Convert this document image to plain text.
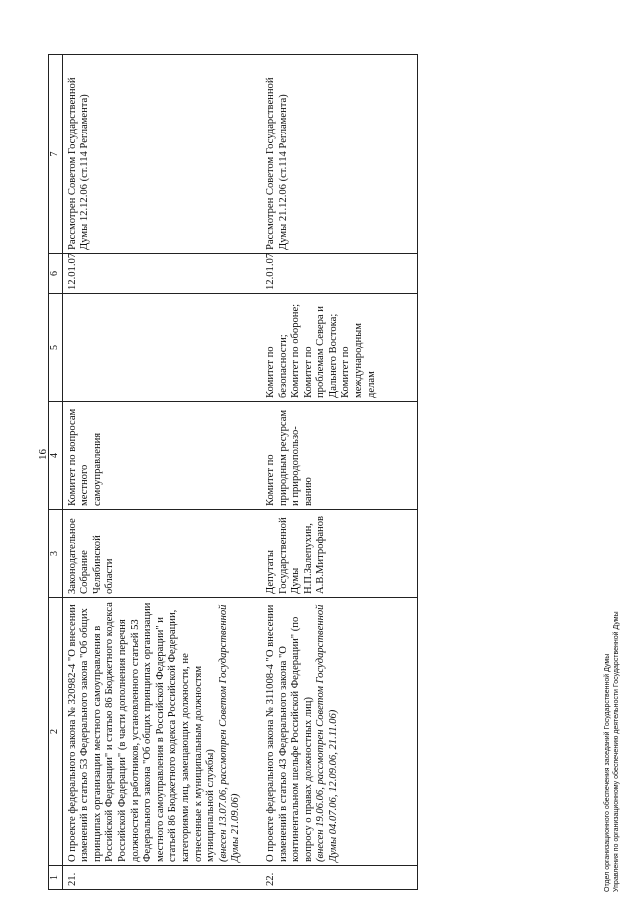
16
1	2	3	4	5	6	7
21.	О проекте федерального закона № 320982-4 "О внесении изменений в статью 53 Федерального закона "Об общих принципах организации местного самоуправления в Российской Федерации" и статью 86 Бюджетного кодекса Российской Федерации" (в части дополнения перечня должностей и работников, установленного статьей 53 Федерального закона "Об общих принципах организации местного самоуправления в Российской Федерации" и статьей 86 Бюджетного кодекса Российской Федерации, категориями лиц, замещающих должности, не отнесенные к муниципальным должностям муниципальной службы) (внесен 13.07.06, рассмотрен Советом Государственной Думы 21.09.06)	Законодательное Собрание Челябинской области	Комитет по вопросам местного самоуправления		12.01.07	Рассмотрен Советом Государственной Думы 12.12.06 (ст.114 Регламента)
22.	О проекте федерального закона № 311008-4 "О внесении изменений в статью 43 Федерального закона "О континентальном шельфе Российской Федерации" (по вопросу о правах должностных лиц) (внесен 19.06.06, рассмотрен Советом Государственной Думы 04.07.06, 12.09.06, 21.11.06)	Депутаты Государственной Думы Н.П.Залепухин, А.В.Митрофанов	Комитет по природным ресурсам и природопользо-ванию	Комитет по безопасности; Комитет по обороне; Комитет по проблемам Севера и Дальнего Востока; Комитет по международным делам	12.01.07	Рассмотрен Советом Государственной Думы 21.12.06 (ст.114 Регламента)
Отдел организационного обеспечения заседаний Государственной Думы Управления по организационному обеспечению деятельности Государственной Думы
